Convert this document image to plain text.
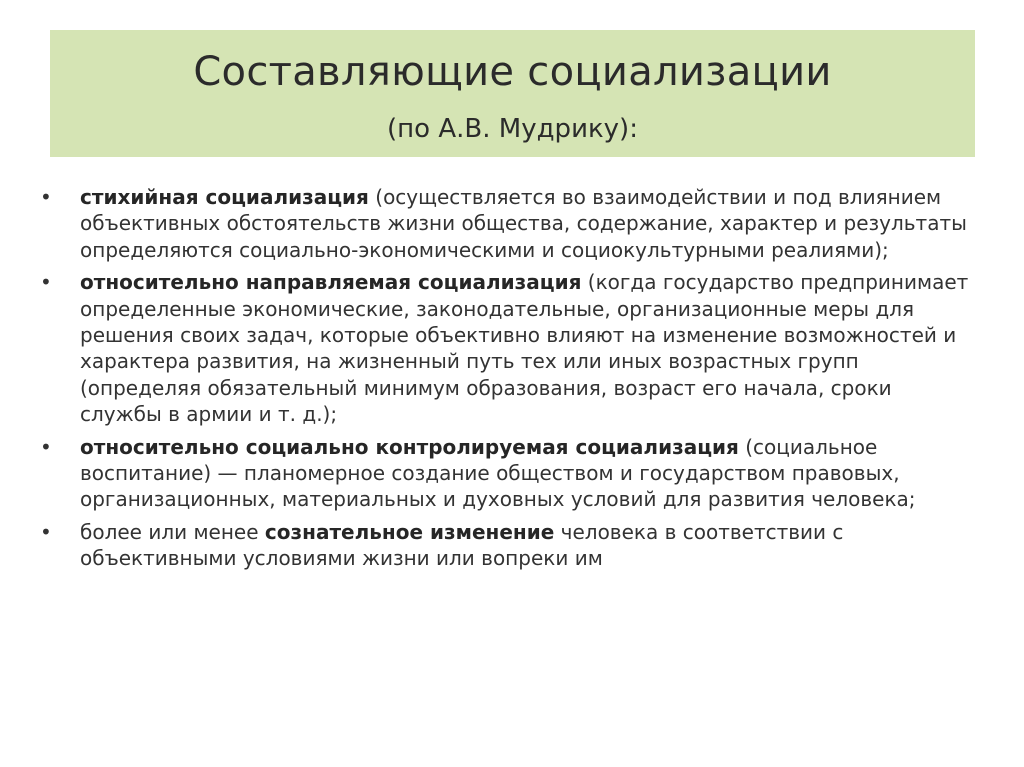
Составляющие социализации
(по А.В. Мудрику):
• стихийная социализация (осуществляется во взаимодействии и под влиянием объективных обстоятельств жизни общества, содержание, характер и результаты определяются социально-экономическими и социокультурными реалиями);
• относительно направляемая социализация (когда государство предпринимает определенные экономические, законодательные, организационные меры для решения своих задач, которые объективно влияют на изменение возможностей и характера развития, на жизненный путь тех или иных возрастных групп (определяя обязательный минимум образования, возраст его начала, сроки службы в армии и т. д.);
• относительно социально контролируемая социализация (социальное воспитание) — планомерное создание обществом и государством правовых, организационных, материальных и духовных условий для развития человека;
• более или менее сознательное изменение человека в соответствии с объективными условиями жизни или вопреки им
